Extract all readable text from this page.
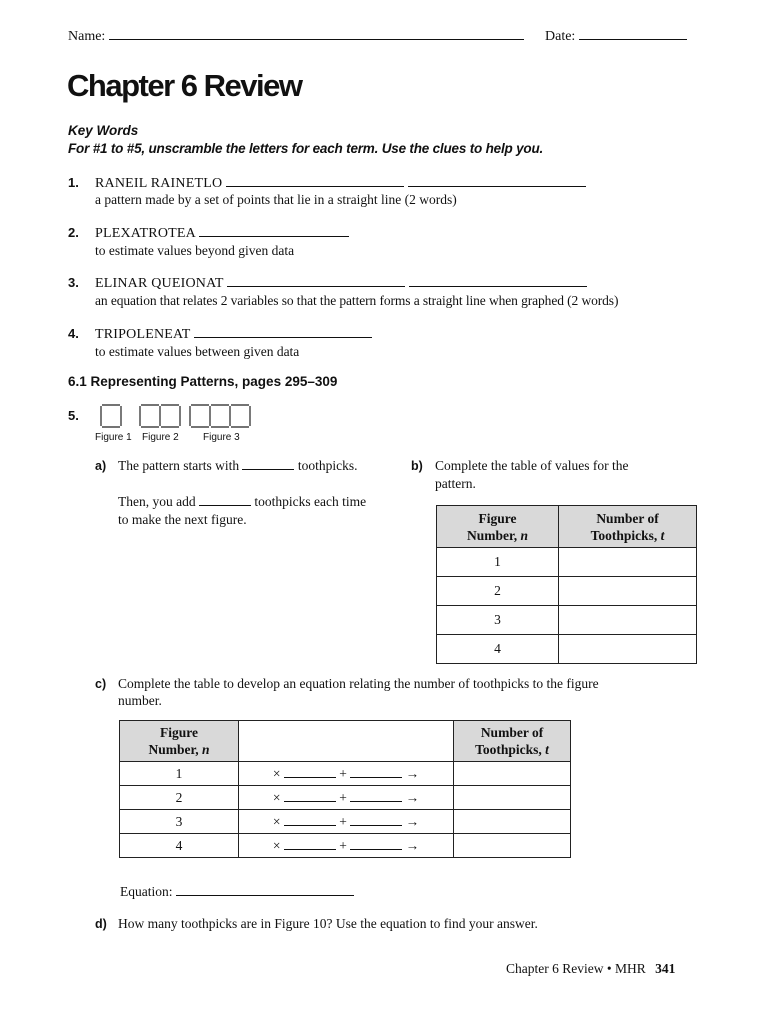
Name:	Date:
Chapter 6 Review
Key Words
For #1 to #5, unscramble the letters for each term. Use the clues to help you.
1. RANEIL RAINETLO
a pattern made by a set of points that lie in a straight line (2 words)
2. PLEXATROTEA
to estimate values beyond given data
3. ELINAR QUEIONAT
an equation that relates 2 variables so that the pattern forms a straight line when graphed (2 words)
4. TRIPOLENEAT
to estimate values between given data
6.1 Representing Patterns, pages 295–309
5.
Figure 1 Figure 2 Figure 3
a) The pattern starts with	toothpicks.
Then, you add	toothpicks each time
to make the next figure.
b) Complete the table of values for the
pattern.
Figure
Number, n	Number of
Toothpicks, t
1	
2	
3	
4	
c) Complete the table to develop an equation relating the number of toothpicks to the figure
number.
Figure
Number, n		Number of
Toothpicks, t
1	× + →	
2	× + →	
3	× + →	
4	× + →	
Equation:
d) How many toothpicks are in Figure 10? Use the equation to find your answer.
Chapter 6 Review • MHR 341
